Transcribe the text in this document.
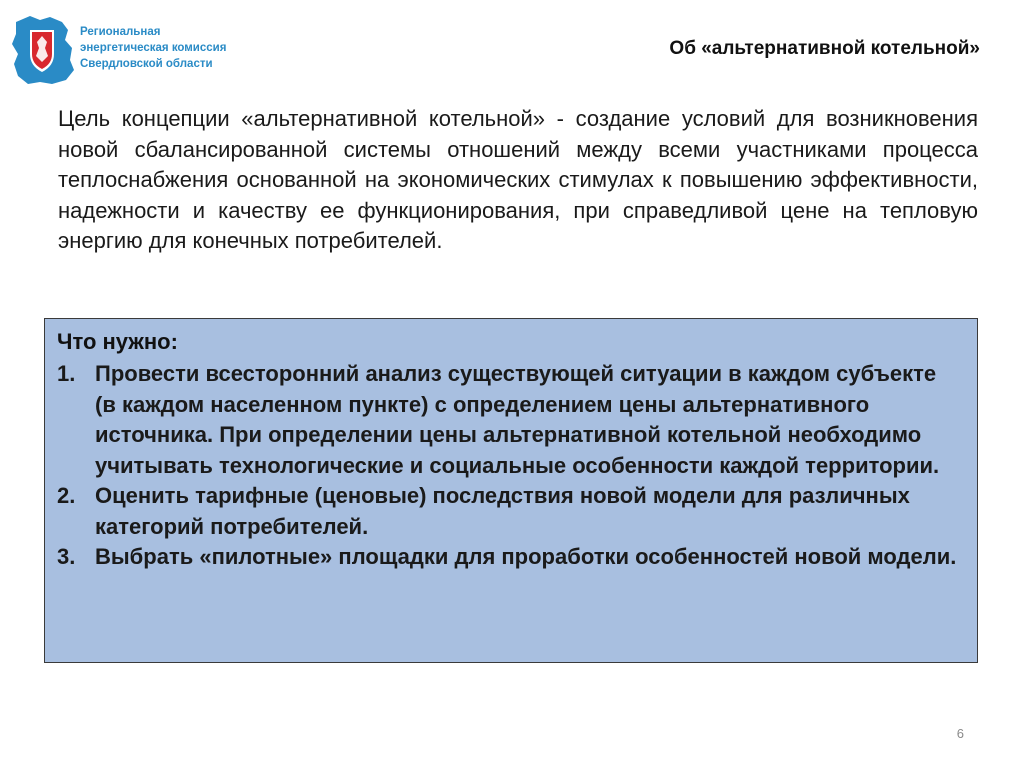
Региональная
энергетическая комиссия
Свердловской области
Об «альтернативной котельной»

Цель концепции «альтернативной котельной» - создание условий для возникновения новой сбалансированной системы отношений между всеми участниками процесса теплоснабжения основанной на экономических стимулах к повышению эффективности, надежности и качеству ее функционирования, при справедливой цене на тепловую энергию для конечных потребителей.

Что нужно:

1. Провести всесторонний анализ существующей ситуации в каждом субъекте (в каждом населенном пункте) с определением цены альтернативного источника. При определении цены альтернативной котельной необходимо учитывать технологические и социальные особенности каждой территории.
2. Оценить тарифные (ценовые) последствия новой модели для различных категорий потребителей.
3. Выбрать «пилотные» площадки для проработки особенностей новой модели.
6
